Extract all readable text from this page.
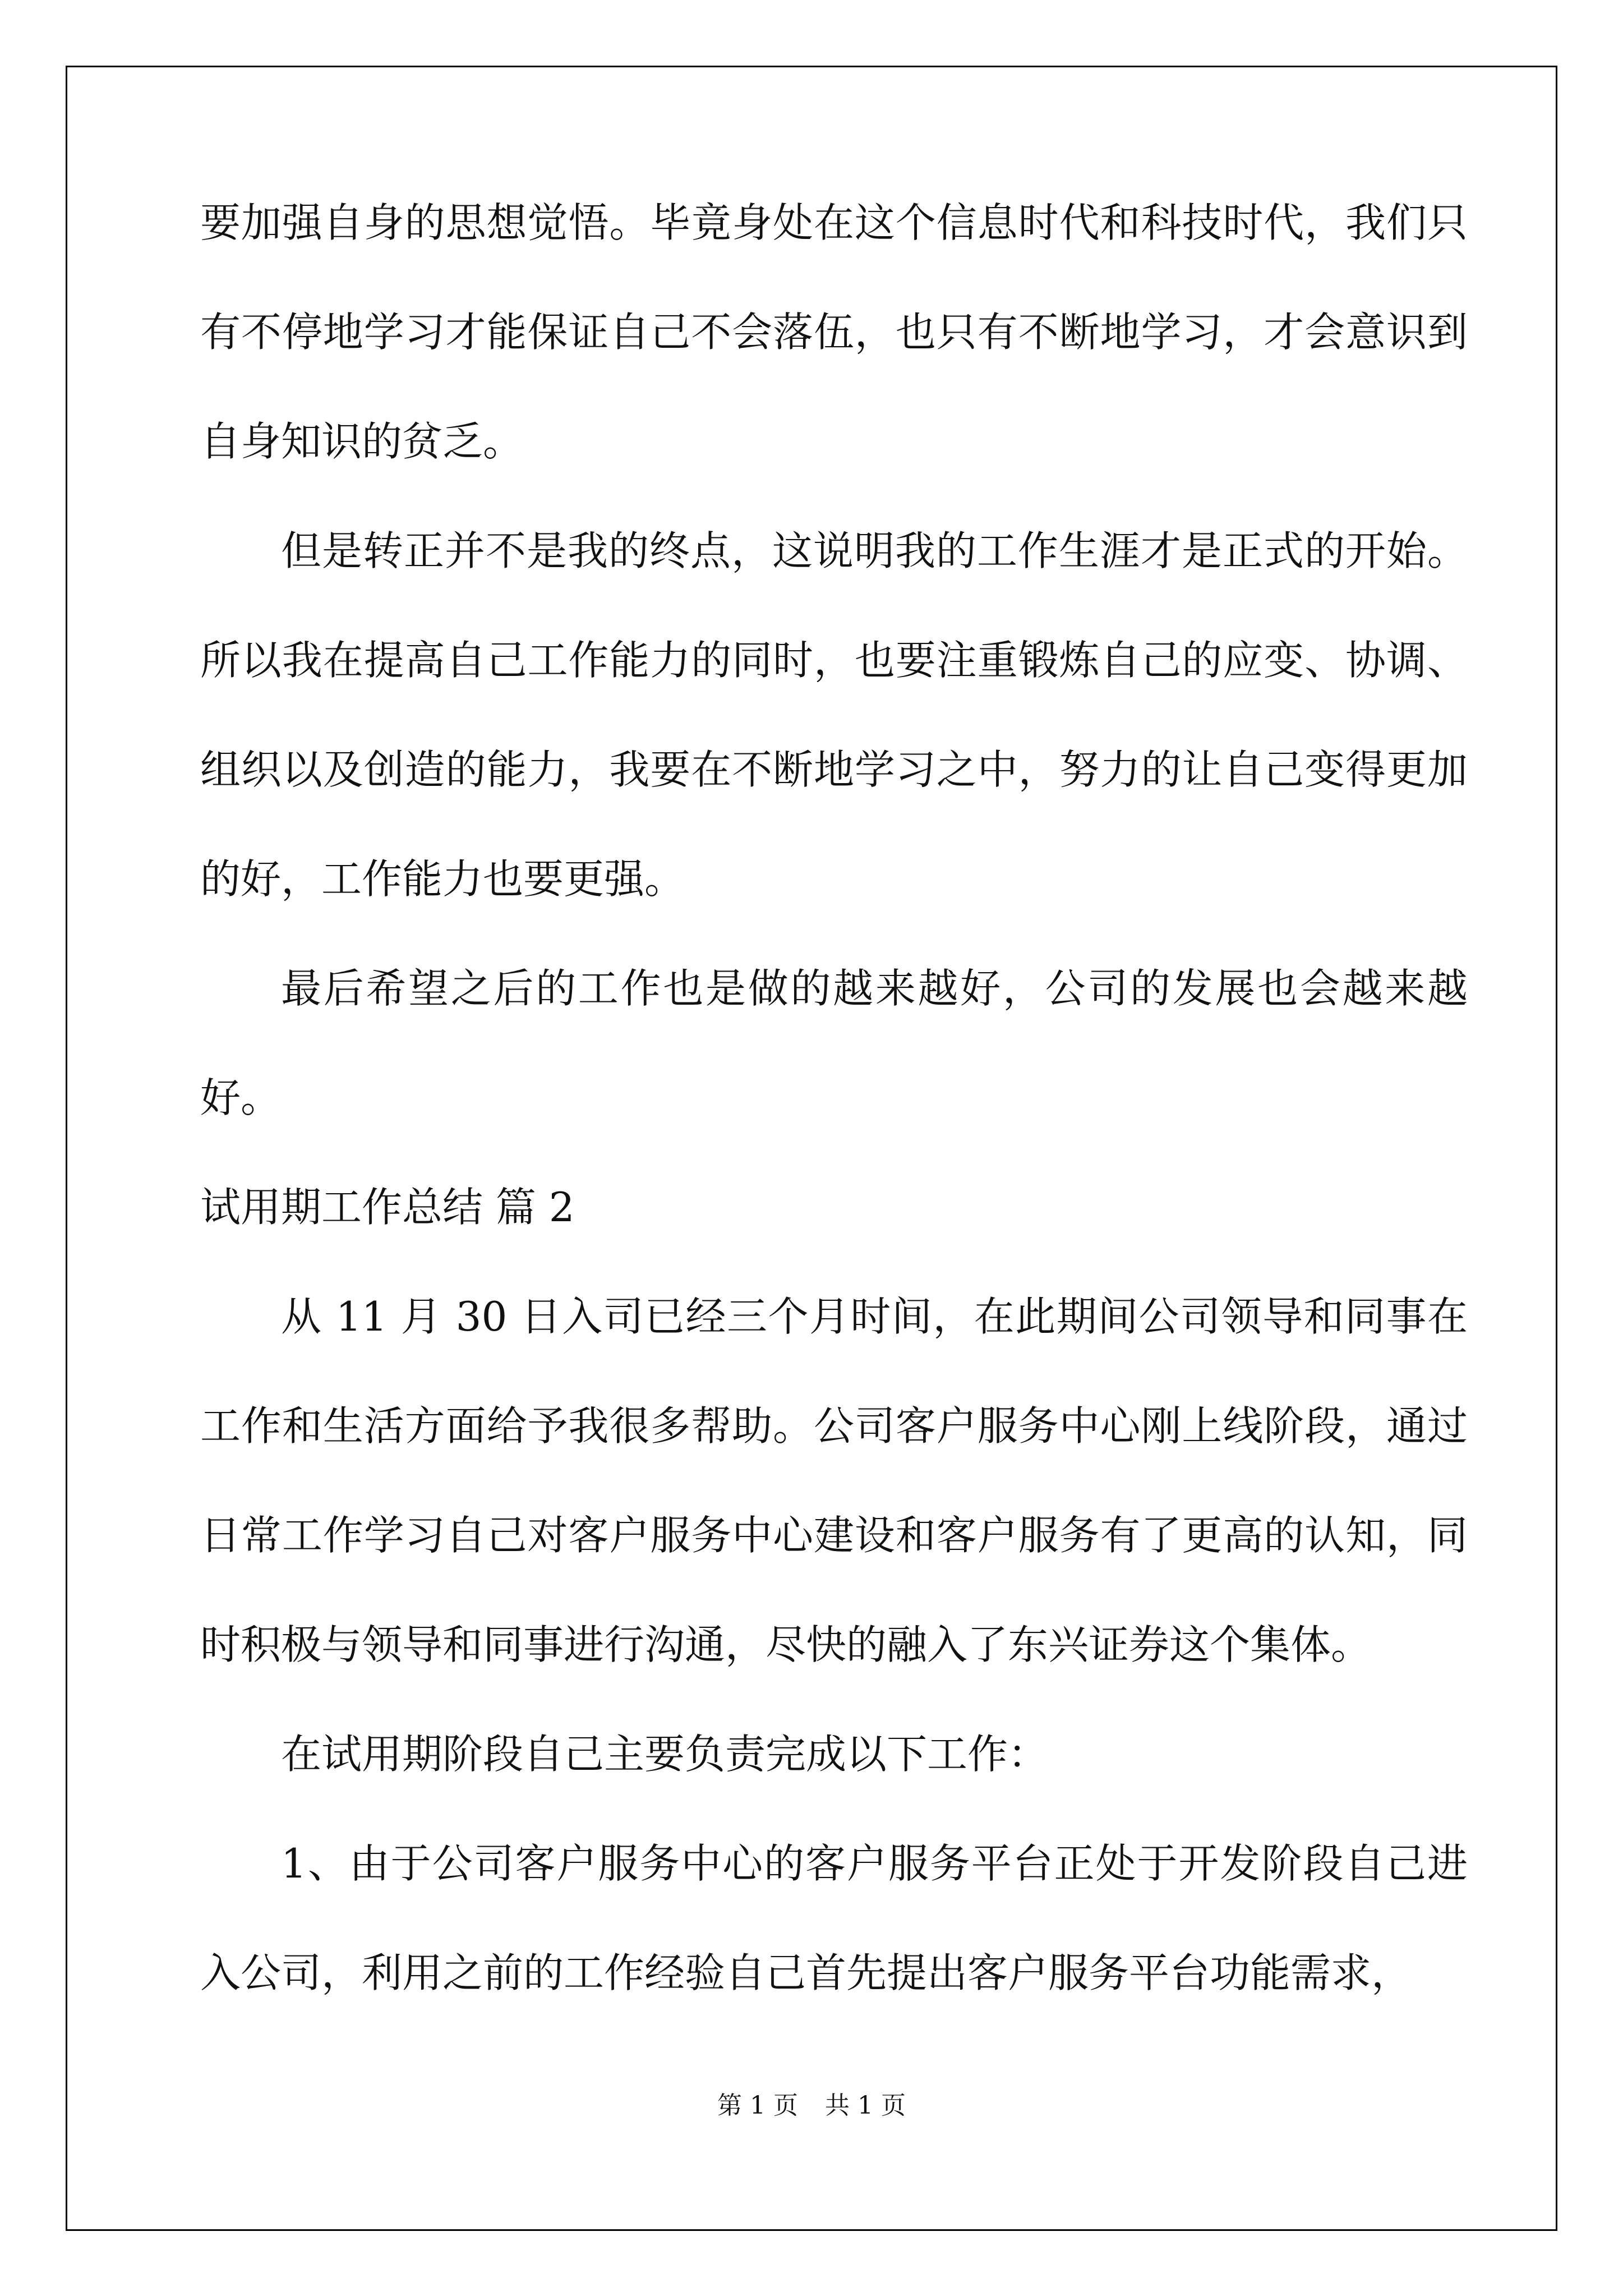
要加强自身的思想觉悟。毕竟身处在这个信息时代和科技时代，我们只有不停地学习才能保证自己不会落伍，也只有不断地学习，才会意识到自身知识的贫乏。

但是转正并不是我的终点，这说明我的工作生涯才是正式的开始。所以我在提高自己工作能力的同时，也要注重锻炼自己的应变、协调、组织以及创造的能力，我要在不断地学习之中，努力的让自己变得更加的好，工作能力也要更强。

最后希望之后的工作也是做的越来越好，公司的发展也会越来越好。

试用期工作总结 篇 2

从 11 月 30 日入司已经三个月时间，在此期间公司领导和同事在工作和生活方面给予我很多帮助。公司客户服务中心刚上线阶段，通过日常工作学习自己对客户服务中心建设和客户服务有了更高的认知，同时积极与领导和同事进行沟通，尽快的融入了东兴证券这个集体。

在试用期阶段自己主要负责完成以下工作：

1、由于公司客户服务中心的客户服务平台正处于开发阶段自己进入公司，利用之前的工作经验自己首先提出客户服务平台功能需求，

第 1 页 共 1 页
